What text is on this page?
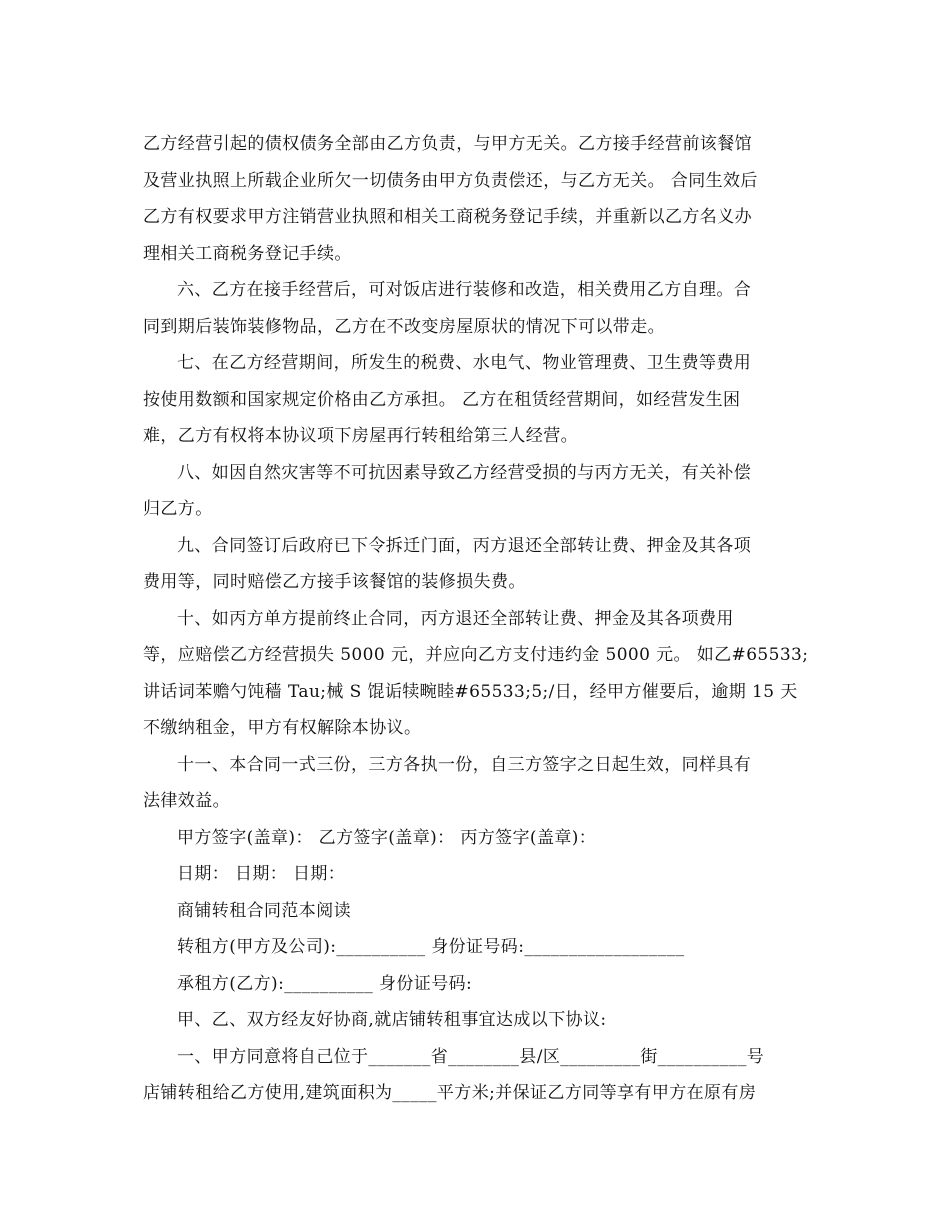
乙方经营引起的债权债务全部由乙方负责，与甲方无关。乙方接手经营前该餐馆
及营业执照上所载企业所欠一切债务由甲方负责偿还，与乙方无关。 合同生效后
乙方有权要求甲方注销营业执照和相关工商税务登记手续，并重新以乙方名义办
理相关工商税务登记手续。

六、乙方在接手经营后，可对饭店进行装修和改造，相关费用乙方自理。合
同到期后装饰装修物品，乙方在不改变房屋原状的情况下可以带走。

七、在乙方经营期间，所发生的税费、水电气、物业管理费、卫生费等费用
按使用数额和国家规定价格由乙方承担。 乙方在租赁经营期间，如经营发生困
难，乙方有权将本协议项下房屋再行转租给第三人经营。

八、如因自然灾害等不可抗因素导致乙方经营受损的与丙方无关，有关补偿
归乙方。

九、合同签订后政府已下令拆迁门面，丙方退还全部转让费、押金及其各项
费用等，同时赔偿乙方接手该餐馆的装修损失费。

十、如丙方单方提前终止合同，丙方退还全部转让费、押金及其各项费用
等，应赔偿乙方经营损失 5000 元，并应向乙方支付违约金 5000 元。 如乙#65533;
讲话词苯赡勺饨穑 Tau;械 S 馄诟犊畹睦#65533;5;/日，经甲方催要后，逾期 15 天
不缴纳租金，甲方有权解除本协议。

十一、本合同一式三份，三方各执一份，自三方签字之日起生效，同样具有
法律效益。

甲方签字(盖章)： 乙方签字(盖章)： 丙方签字(盖章)：

日期： 日期： 日期：

商铺转租合同范本阅读

转租方(甲方及公司):__________ 身份证号码:__________________

承租方(乙方):__________ 身份证号码:

甲、乙、双方经友好协商,就店铺转租事宜达成以下协议:

一、甲方同意将自己位于_______省________县/区_________街__________号
店铺转租给乙方使用,建筑面积为_____平方米;并保证乙方同等享有甲方在原有房
